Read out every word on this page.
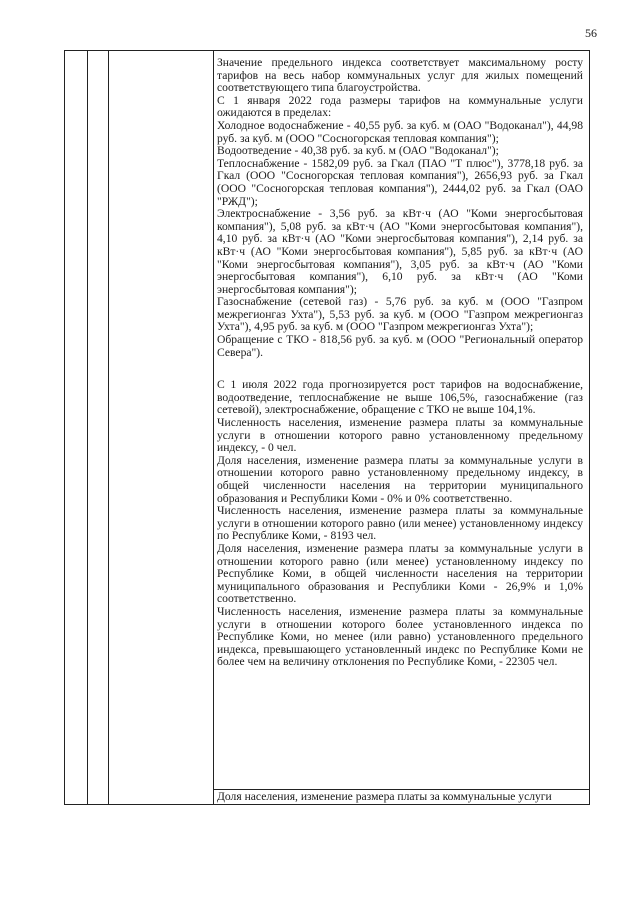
56

Значение предельного индекса соответствует максимальному росту тарифов на весь набор коммунальных услуг для жилых помещений соответствующего типа благоустройства.

С 1 января 2022 года размеры тарифов на коммунальные услуги ожидаются в пределах:

Холодное водоснабжение - 40,55 руб. за куб. м (ОАО "Водоканал"), 44,98 руб. за куб. м (ООО "Сосногорская тепловая компания");

Водоотведение - 40,38 руб. за куб. м (ОАО "Водоканал");

Теплоснабжение - 1582,09 руб. за Гкал (ПАО "Т плюс"), 3778,18 руб. за Гкал (ООО "Сосногорская тепловая компания"), 2656,93 руб. за Гкал (ООО "Сосногорская тепловая компания"), 2444,02 руб. за Гкал (ОАО "РЖД");

Электроснабжение - 3,56 руб. за кВт·ч (АО "Коми энергосбытовая компания"), 5,08 руб. за кВт·ч (АО "Коми энергосбытовая компания"), 4,10 руб. за кВт·ч (АО "Коми энергосбытовая компания"), 2,14 руб. за кВт·ч (АО "Коми энергосбытовая компания"), 5,85 руб. за кВт·ч (АО "Коми энергосбытовая компания"), 3,05 руб. за кВт·ч (АО "Коми энергосбытовая компания"), 6,10 руб. за кВт·ч (АО "Коми энергосбытовая компания");

Газоснабжение (сетевой газ) - 5,76 руб. за куб. м (ООО "Газпром межрегионгаз Ухта"), 5,53 руб. за куб. м (ООО "Газпром межрегионгаз Ухта"), 4,95 руб. за куб. м (ООО "Газпром межрегионгаз Ухта");

Обращение с ТКО - 818,56 руб. за куб. м (ООО "Региональный оператор Севера").

С 1 июля 2022 года прогнозируется рост тарифов на водоснабжение, водоотведение, теплоснабжение не выше 106,5%, газоснабжение (газ сетевой), электроснабжение, обращение с ТКО не выше 104,1%.

Численность населения, изменение размера платы за коммунальные услуги в отношении которого равно установленному предельному индексу, - 0 чел.

Доля населения, изменение размера платы за коммунальные услуги в отношении которого равно установленному предельному индексу, в общей численности населения на территории муниципального образования и Республики Коми - 0% и 0% соответственно.

Численность населения, изменение размера платы за коммунальные услуги в отношении которого равно (или менее) установленному индексу по Республике Коми, - 8193 чел.

Доля населения, изменение размера платы за коммунальные услуги в отношении которого равно (или менее) установленному индексу по Республике Коми, в общей численности населения на территории муниципального образования и Республики Коми - 26,9% и 1,0% соответственно.

Численность населения, изменение размера платы за коммунальные услуги в отношении которого более установленного индекса по Республике Коми, но менее (или равно) установленного предельного индекса, превышающего установленный индекс по Республике Коми не более чем на величину отклонения по Республике Коми, - 22305 чел.

Доля населения, изменение размера платы за коммунальные услуги
